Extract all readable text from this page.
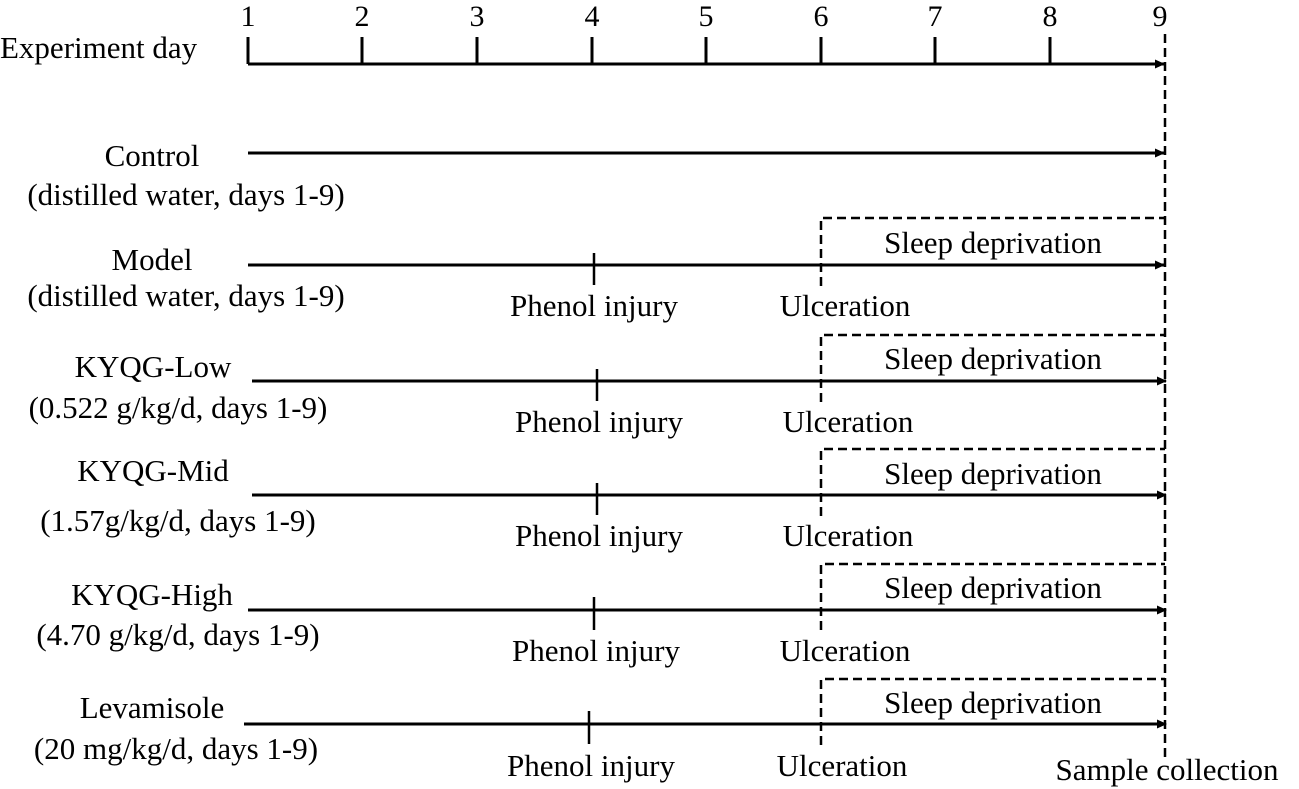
Experiment day
1	2	3	4	5	6	7	8	9
Control
(distilled water, days 1-9)
Model
(distilled water, days 1-9)
Sleep deprivation
Phenol injury	Ulceration
KYQG-Low
(0.522 g/kg/d, days 1-9)
Sleep deprivation
Phenol injury	Ulceration
KYQG-Mid
(1.57g/kg/d, days 1-9)
Sleep deprivation
Phenol injury	Ulceration
KYQG-High
(4.70 g/kg/d, days 1-9)
Sleep deprivation
Phenol injury	Ulceration
Levamisole
(20 mg/kg/d, days 1-9)
Sleep deprivation
Phenol injury	Ulceration	Sample collection
